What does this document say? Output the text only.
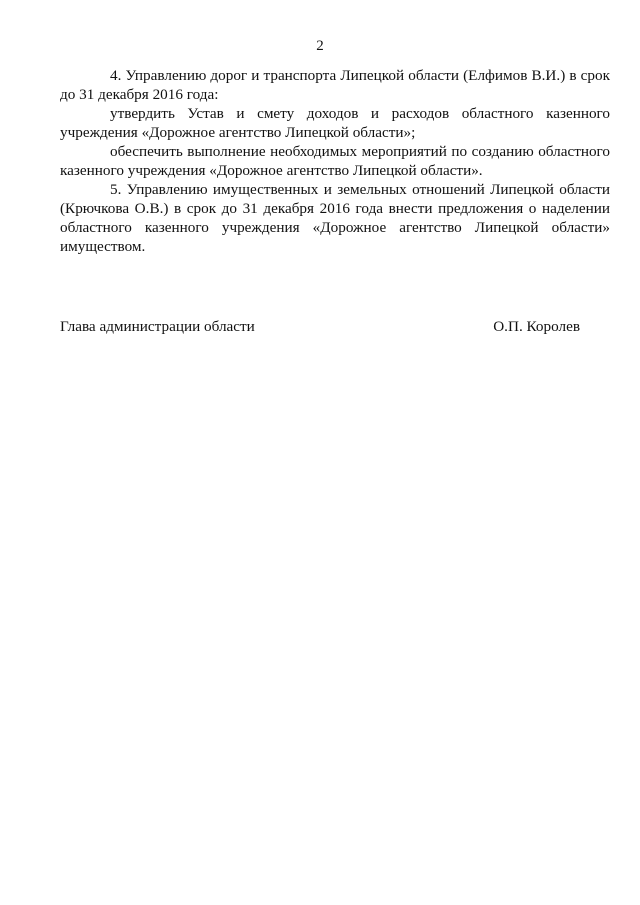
2

4. Управлению дорог и транспорта Липецкой области (Елфимов В.И.) в срок до 31 декабря 2016 года:

утвердить Устав и смету доходов и расходов областного казенного учреждения «Дорожное агентство Липецкой области»;

обеспечить выполнение необходимых мероприятий по созданию областного казенного учреждения «Дорожное агентство Липецкой области».

5. Управлению имущественных и земельных отношений Липецкой области (Крючкова О.В.) в срок до 31 декабря 2016 года внести предложения о наделении областного казенного учреждения «Дорожное агентство Липецкой области» имуществом.

Глава администрации области	О.П. Королев
